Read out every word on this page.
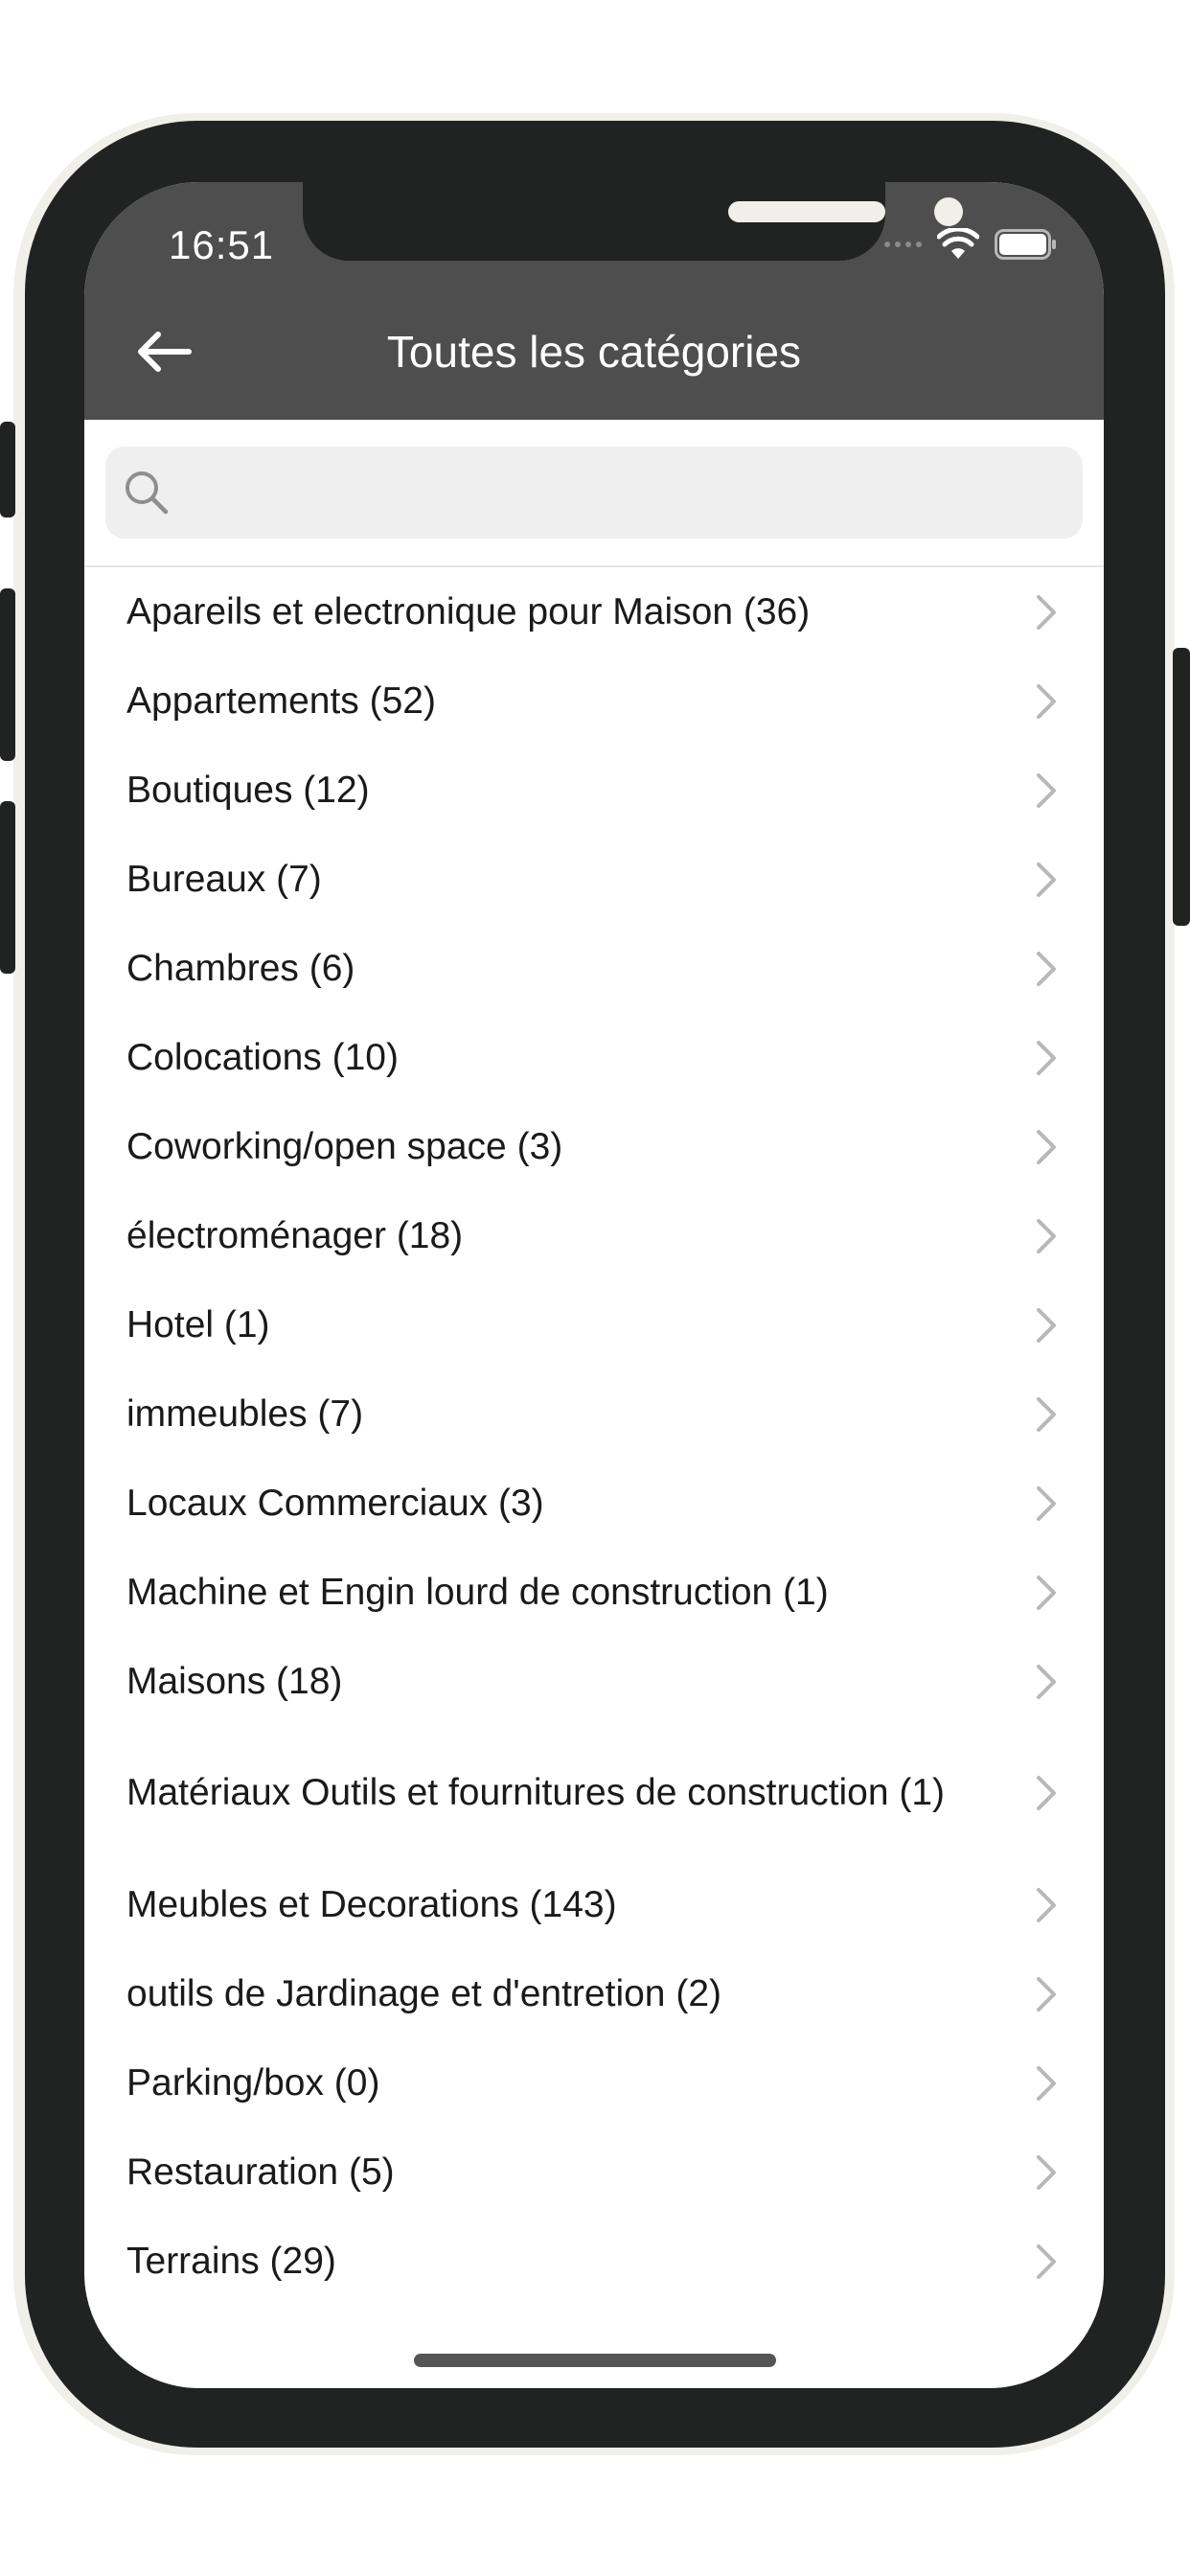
16:51
Toutes les catégories
Apareils et electronique pour Maison (36)
Appartements (52)
Boutiques (12)
Bureaux (7)
Chambres (6)
Colocations (10)
Coworking/open space (3)
électroménager (18)
Hotel (1)
immeubles (7)
Locaux Commerciaux (3)
Machine et Engin lourd de construction (1)
Maisons (18)
Matériaux Outils et fournitures de construction (1)
Meubles et Decorations (143)
outils de Jardinage et d'entretion (2)
Parking/box (0)
Restauration (5)
Terrains (29)
